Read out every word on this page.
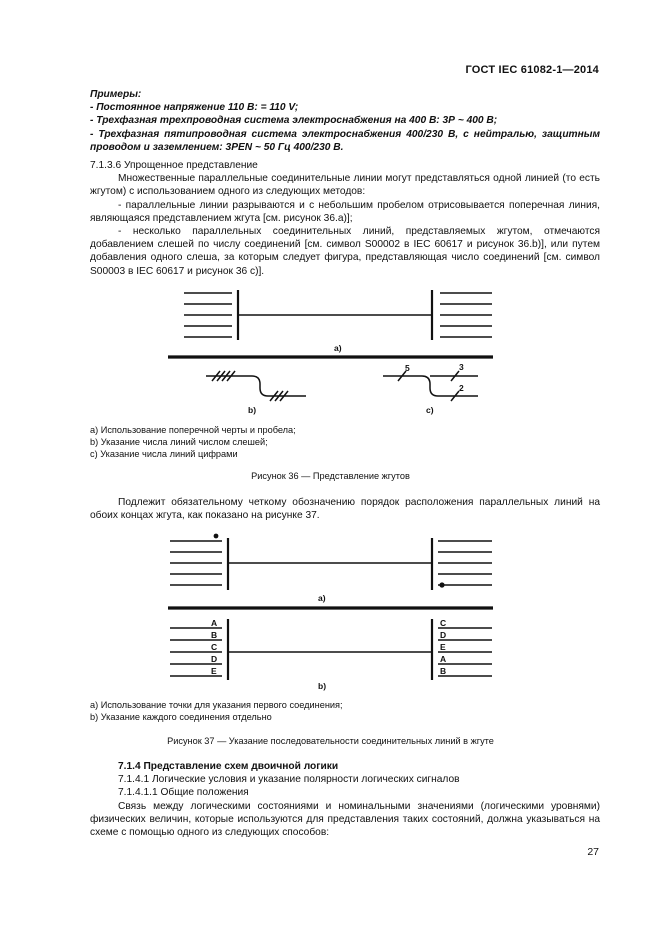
ГОСТ IEC 61082-1—2014
Примеры:
- Постоянное напряжение 110 В: = 110 V;
- Трехфазная трехпроводная система электроснабжения на 400 В: 3Р ~ 400 В;
- Трехфазная пятипроводная система электроснабжения 400/230 В, с нейтралью, защитным проводом и заземлением: 3PEN ~ 50 Гц 400/230 В.
7.1.3.6 Упрощенное представление
Множественные параллельные соединительные линии могут представляться одной линией (то есть жгутом) с использованием одного из следующих методов:
- параллельные линии разрываются и с небольшим пробелом отрисовывается поперечная линия, являющаяся представлением жгута [см. рисунок 36.a)];
- несколько параллельных соединительных линий, представляемых жгутом, отмечаются добавлением слешей по числу соединений [см. символ S00002 в IEC 60617 и рисунок 36.b)], или путем добавления одного слеша, за которым следует фигура, представляющая число соединений [см. символ S00003 в IEC 60617 и рисунок 36 с)].
a)
b)
5	3
2
c)
a)
A
B
C
D
E
C
D
E
A
B
b)
a) Использование поперечной черты и пробела;
b) Указание числа линий числом слешей;
c) Указание числа линий цифрами
Рисунок 36 — Представление жгутов
Подлежит обязательному четкому обозначению порядок расположения параллельных линий на обоих концах жгута, как показано на рисунке 37.
a) Использование точки для указания первого соединения;
b) Указание каждого соединения отдельно
Рисунок 37 — Указание последовательности соединительных линий в жгуте
7.1.4 Представление схем двоичной логики
7.1.4.1 Логические условия и указание полярности логических сигналов
7.1.4.1.1 Общие положения
Связь между логическими состояниями и номинальными значениями (логическими уровнями) физических величин, которые используются для представления таких состояний, должна указываться на схеме с помощью одного из следующих способов:
27
